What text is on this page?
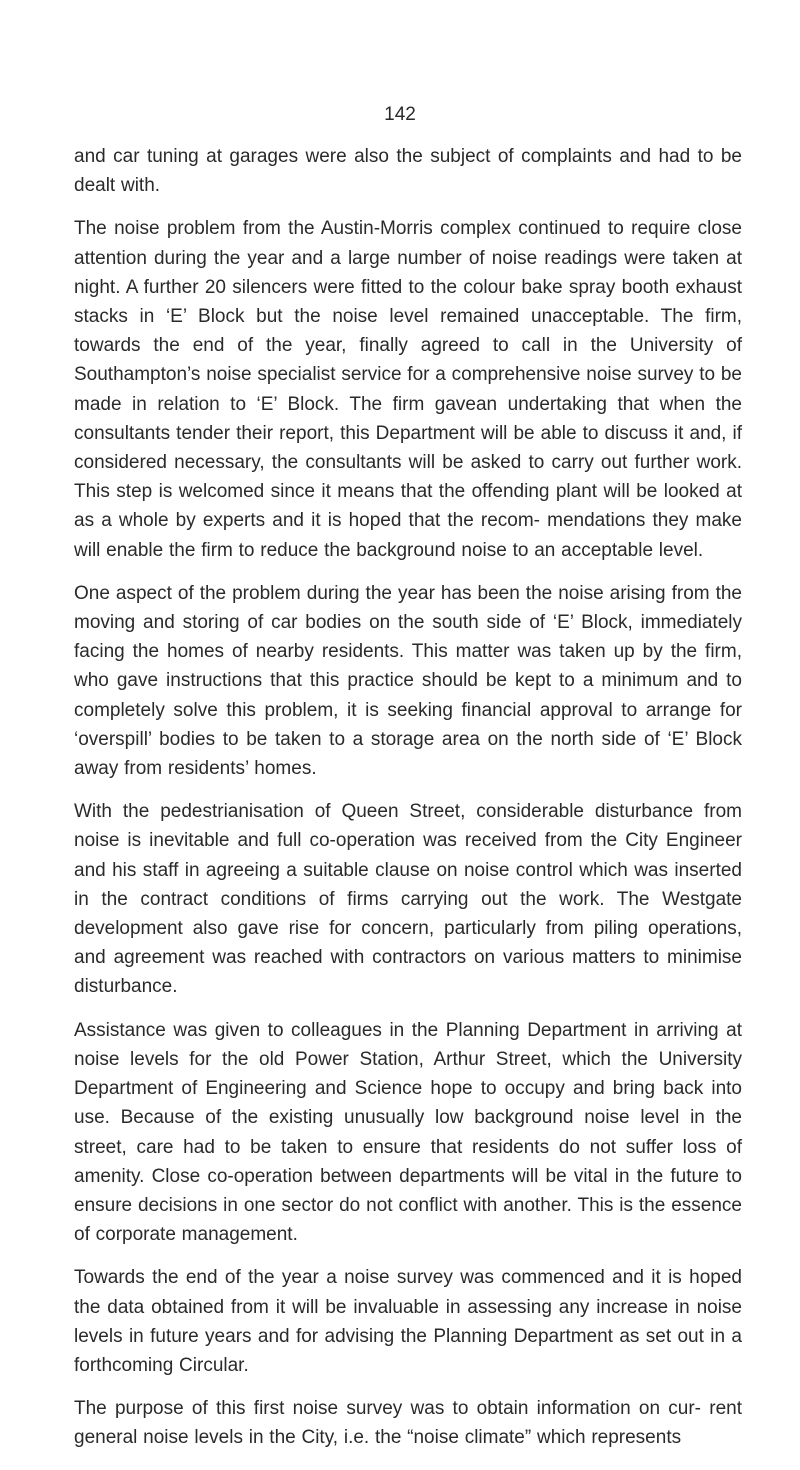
142

and car tuning at garages were also the subject of complaints and had to be dealt with.

The noise problem from the Austin-Morris complex continued to require close attention during the year and a large number of noise readings were taken at night. A further 20 silencers were fitted to the colour bake spray booth exhaust stacks in ‘E’ Block but the noise level remained unacceptable. The firm, towards the end of the year, finally agreed to call in the University of Southampton’s noise specialist service for a comprehensive noise survey to be made in relation to ‘E’ Block. The firm gavean undertaking that when the consultants tender their report, this Department will be able to discuss it and, if considered necessary, the consultants will be asked to carry out further work. This step is welcomed since it means that the offending plant will be looked at as a whole by experts and it is hoped that the recom- mendations they make will enable the firm to reduce the background noise to an acceptable level.

One aspect of the problem during the year has been the noise arising from the moving and storing of car bodies on the south side of ‘E’ Block, immediately facing the homes of nearby residents. This matter was taken up by the firm, who gave instructions that this practice should be kept to a minimum and to completely solve this problem, it is seeking financial approval to arrange for ‘overspill’ bodies to be taken to a storage area on the north side of ‘E’ Block away from residents’ homes.

With the pedestrianisation of Queen Street, considerable disturbance from noise is inevitable and full co-operation was received from the City Engineer and his staff in agreeing a suitable clause on noise control which was inserted in the contract conditions of firms carrying out the work. The Westgate development also gave rise for concern, particularly from piling operations, and agreement was reached with contractors on various matters to minimise disturbance.

Assistance was given to colleagues in the Planning Department in arriving at noise levels for the old Power Station, Arthur Street, which the University Department of Engineering and Science hope to occupy and bring back into use. Because of the existing unusually low background noise level in the street, care had to be taken to ensure that residents do not suffer loss of amenity. Close co-operation between departments will be vital in the future to ensure decisions in one sector do not conflict with another. This is the essence of corporate management.

Towards the end of the year a noise survey was commenced and it is hoped the data obtained from it will be invaluable in assessing any increase in noise levels in future years and for advising the Planning Department as set out in a forthcoming Circular.

The purpose of this first noise survey was to obtain information on cur- rent general noise levels in the City, i.e. the “noise climate” which represents
